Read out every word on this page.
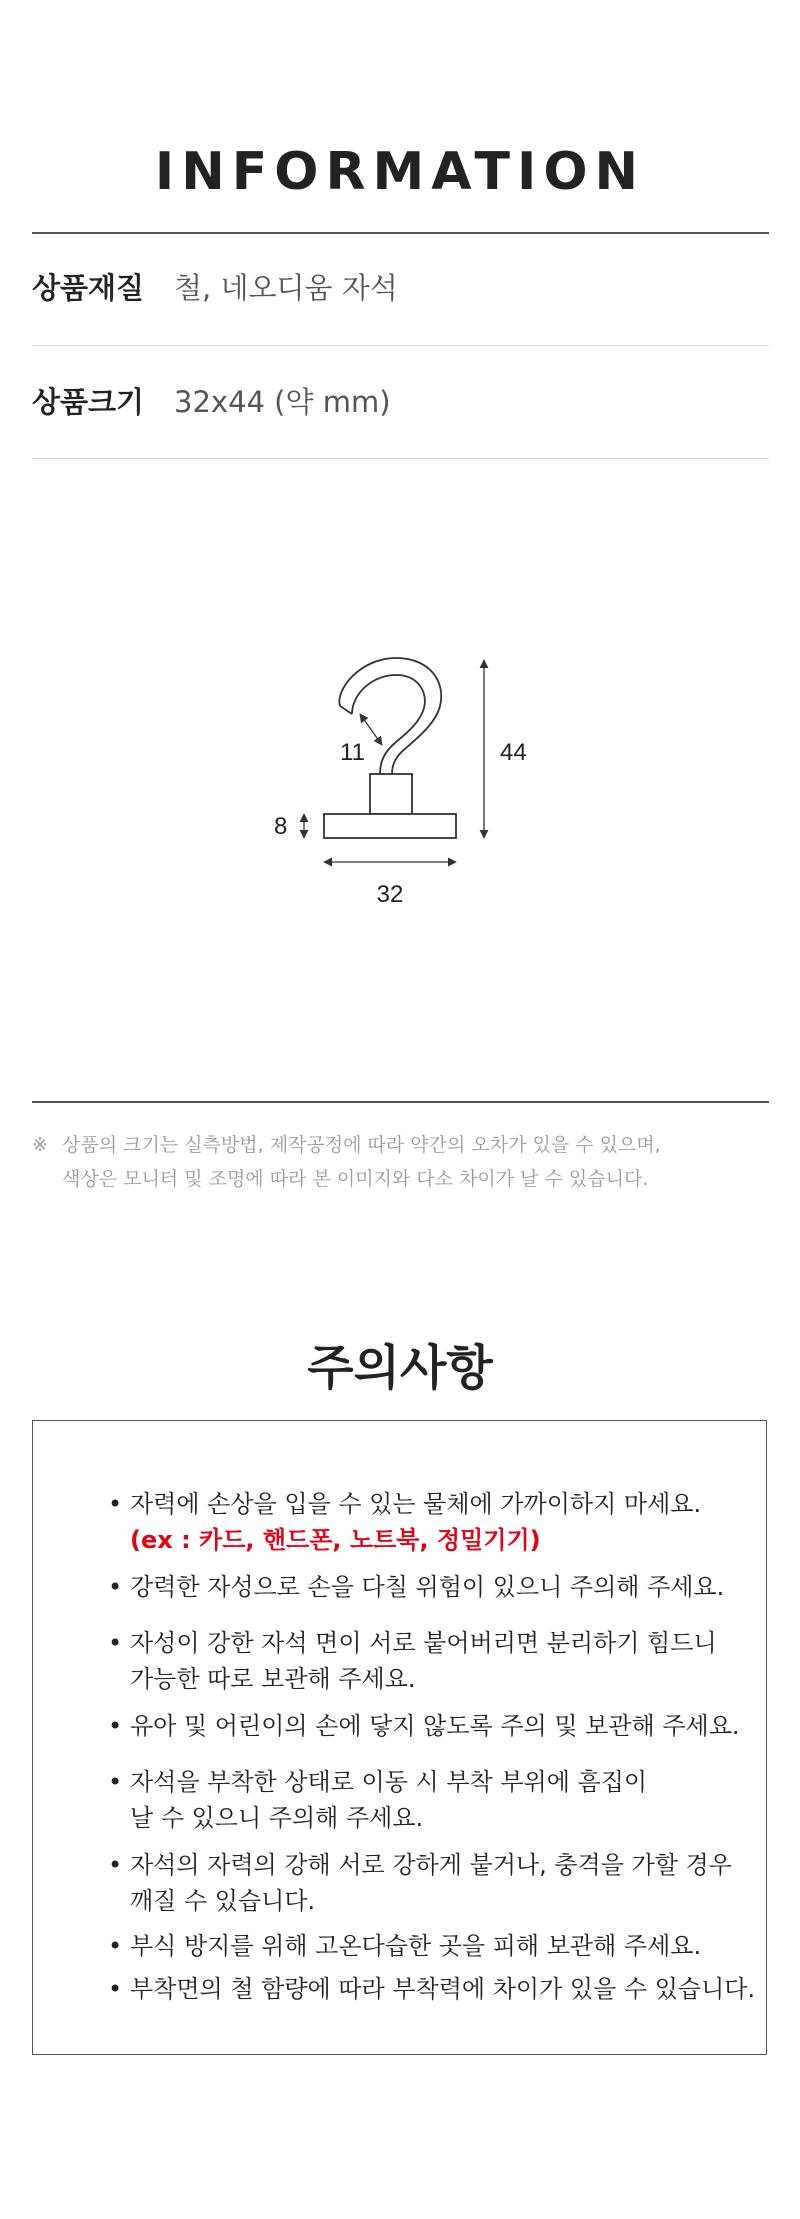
INFORMATION
상품재질 철, 네오디움 자석
상품크기 32x44 (약 mm)
11	44
8
32
※ 상품의 크기는 실측방법, 제작공정에 따라 약간의 오차가 있을 수 있으며,
색상은 모니터 및 조명에 따라 본 이미지와 다소 차이가 날 수 있습니다.
주의사항
• 자력에 손상을 입을 수 있는 물체에 가까이하지 마세요.
(ex : 카드, 핸드폰, 노트북, 정밀기기)
• 강력한 자성으로 손을 다칠 위험이 있으니 주의해 주세요.
• 자성이 강한 자석 면이 서로 붙어버리면 분리하기 힘드니
가능한 따로 보관해 주세요.
• 유아 및 어린이의 손에 닿지 않도록 주의 및 보관해 주세요.
• 자석을 부착한 상태로 이동 시 부착 부위에 흠집이
날 수 있으니 주의해 주세요.
• 자석의 자력의 강해 서로 강하게 붙거나, 충격을 가할 경우
깨질 수 있습니다.
• 부식 방지를 위해 고온다습한 곳을 피해 보관해 주세요.
• 부착면의 철 함량에 따라 부착력에 차이가 있을 수 있습니다.
